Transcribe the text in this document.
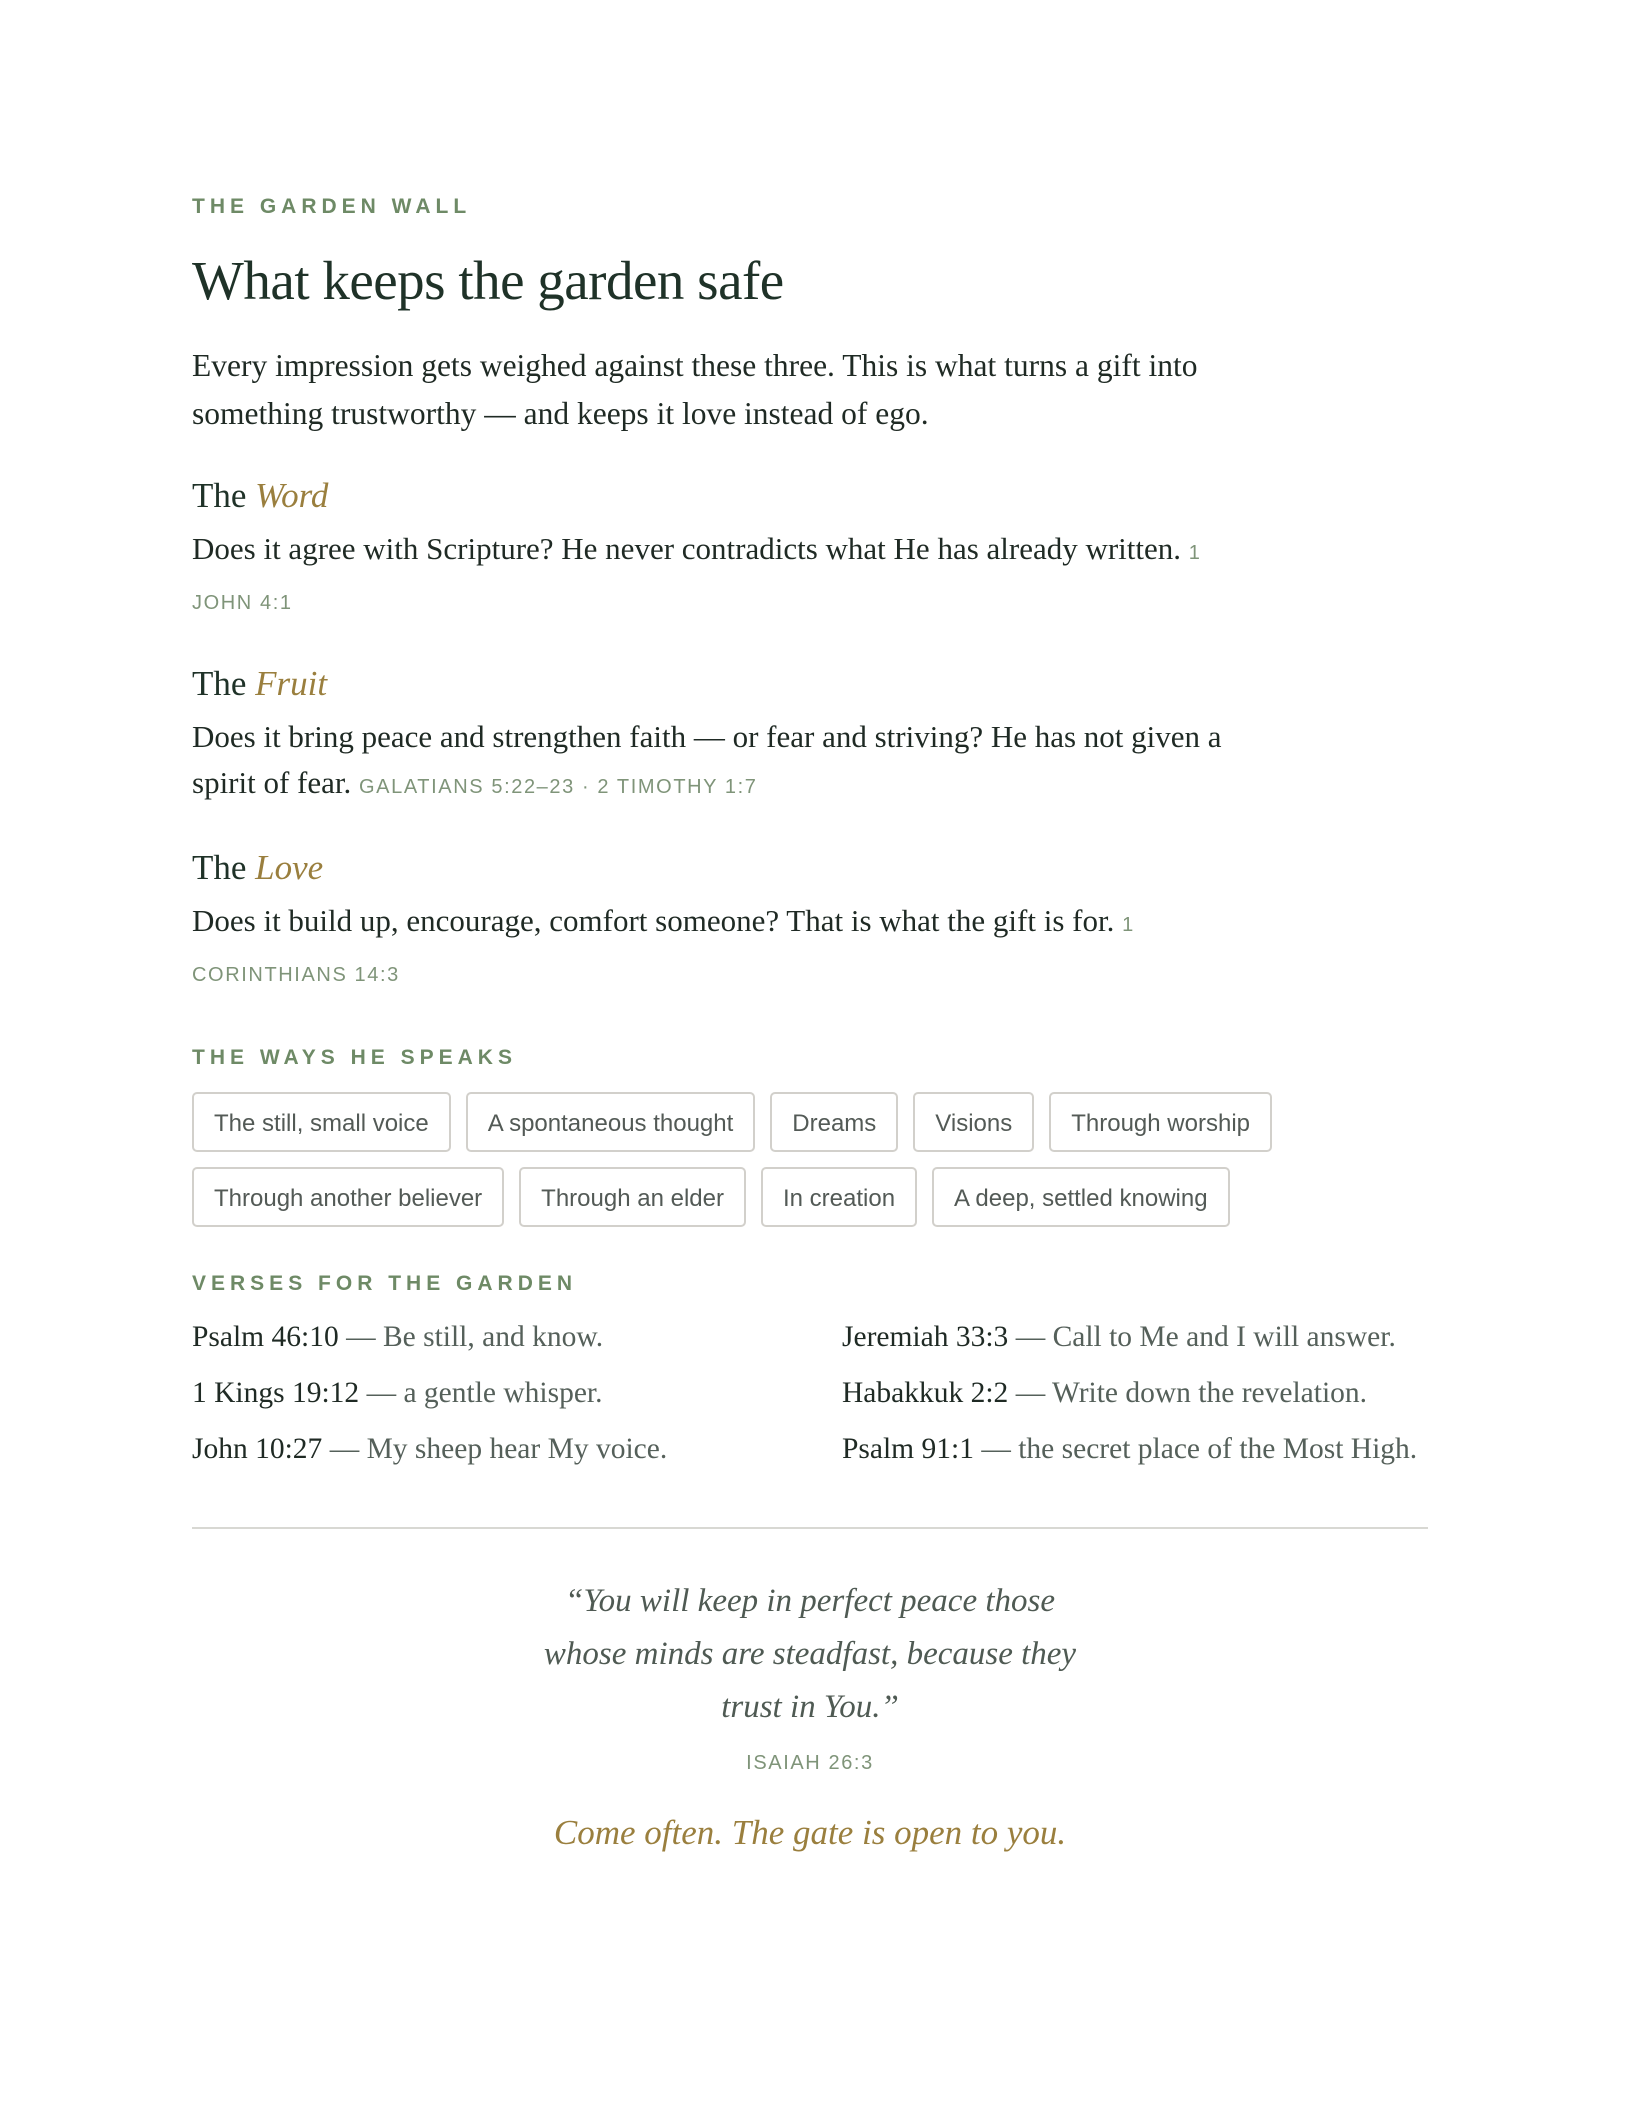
THE GARDEN WALL
What keeps the garden safe

Every impression gets weighed against these three. This is what turns a gift into something trustworthy — and keeps it love instead of ego.

The Word
Does it agree with Scripture? He never contradicts what He has already written. 1 JOHN 4:1
The Fruit
Does it bring peace and strengthen faith — or fear and striving? He has not given a spirit of fear. GALATIANS 5:22–23 · 2 TIMOTHY 1:7
The Love
Does it build up, encourage, comfort someone? That is what the gift is for. 1 CORINTHIANS 14:3
THE WAYS HE SPEAKS
The still, small voice	A spontaneous thought	Dreams	Visions	Through worship
Through another believer	Through an elder	In creation	A deep, settled knowing
VERSES FOR THE GARDEN
Psalm 46:10 — Be still, and know.	Jeremiah 33:3 — Call to Me and I will answer.
1 Kings 19:12 — a gentle whisper.	Habakkuk 2:2 — Write down the revelation.
John 10:27 — My sheep hear My voice.	Psalm 91:1 — the secret place of the Most High.
“You will keep in perfect peace those whose minds are steadfast, because they trust in You.”
ISAIAH 26:3
Come often. The gate is open to you.
